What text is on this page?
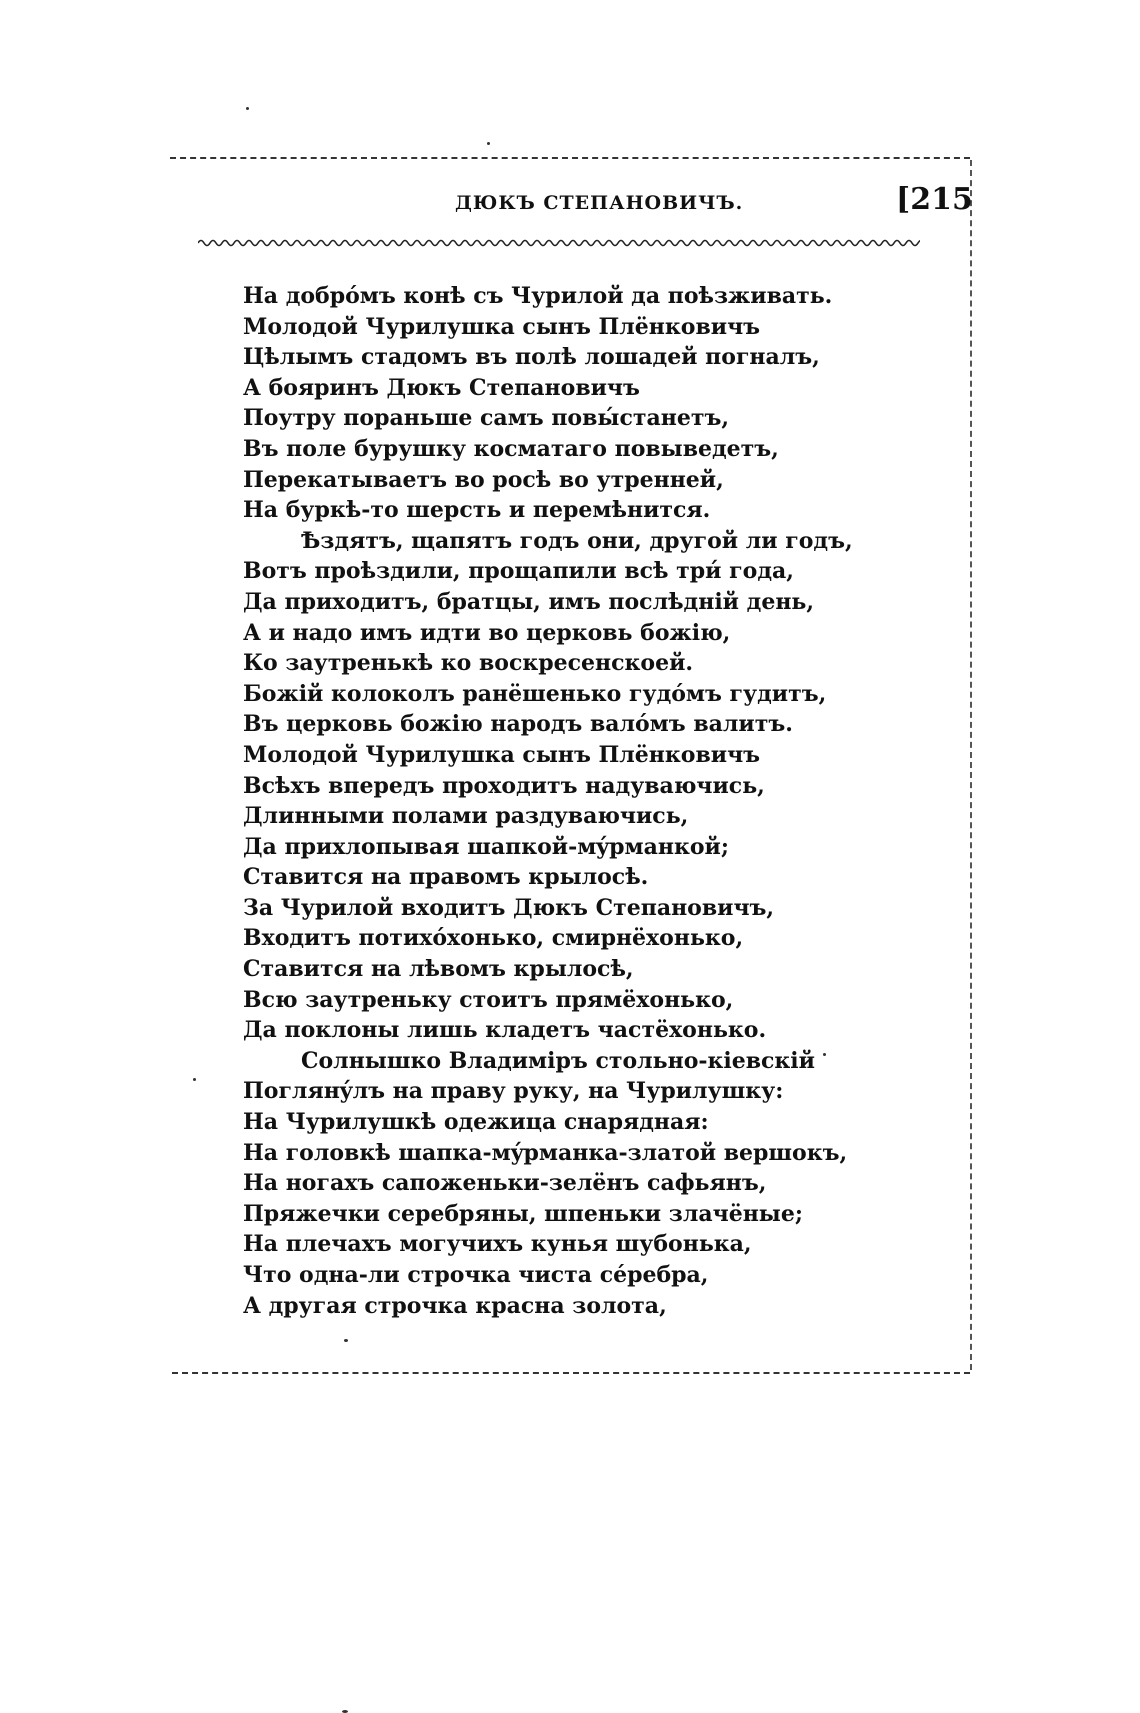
ДЮКЪ СТЕПАНОВИЧЪ.	[215
На добрóмъ конѣ съ Чурилой да поѣзживать.
Молодой Чурилушка сынъ Плёнковичъ
Цѣлымъ стадомъ въ полѣ лошадей погналъ,
А бояринъ Дюкъ Степановичъ
Поутру пораньше самъ повы́станетъ,
Въ поле бурушку косматаго повыведетъ,
Перекатываетъ во росѣ во утренней,
На буркѣ-то шерсть и перемѣнится.
Ѣздятъ, щапятъ годъ они, другой ли годъ,
Вотъ проѣздили, прощапили всѣ три́ года,
Да приходитъ, братцы, имъ послѣднiй день,
А и надо имъ идти во церковь божiю,
Ко заутренькѣ ко воскресенскоей.
Божiй колоколъ ранёшенько гудóмъ гудитъ,
Въ церковь божiю народъ валóмъ валитъ.
Молодой Чурилушка сынъ Плёнковичъ
Всѣхъ впередъ проходитъ надуваючись,
Длинными полами раздуваючись,
Да прихлопывая шапкой-мýрманкой;
Ставится на правомъ крылосѣ.
За Чурилой входитъ Дюкъ Степановичъ,
Входитъ потихóхонько, смирнёхонько,
Ставится на лѣвомъ крылосѣ,
Всю заутреньку стоитъ прямёхонько,
Да поклоны лишь кладетъ частёхонько.
Солнышко Владимiръ стольно-кiевскiй
Поглянýлъ на праву руку, на Чурилушку:
На Чурилушкѣ одежица снарядная:
На головкѣ шапка-мýрманка-златой вершокъ,
На ногахъ сапоженьки-зелёнъ сафьянъ,
Пряжечки серебряны, шпеньки злачёные;
На плечахъ могучихъ кунья шубонька,
Что одна-ли строчка чиста сéребра,
А другая строчка красна золота,
